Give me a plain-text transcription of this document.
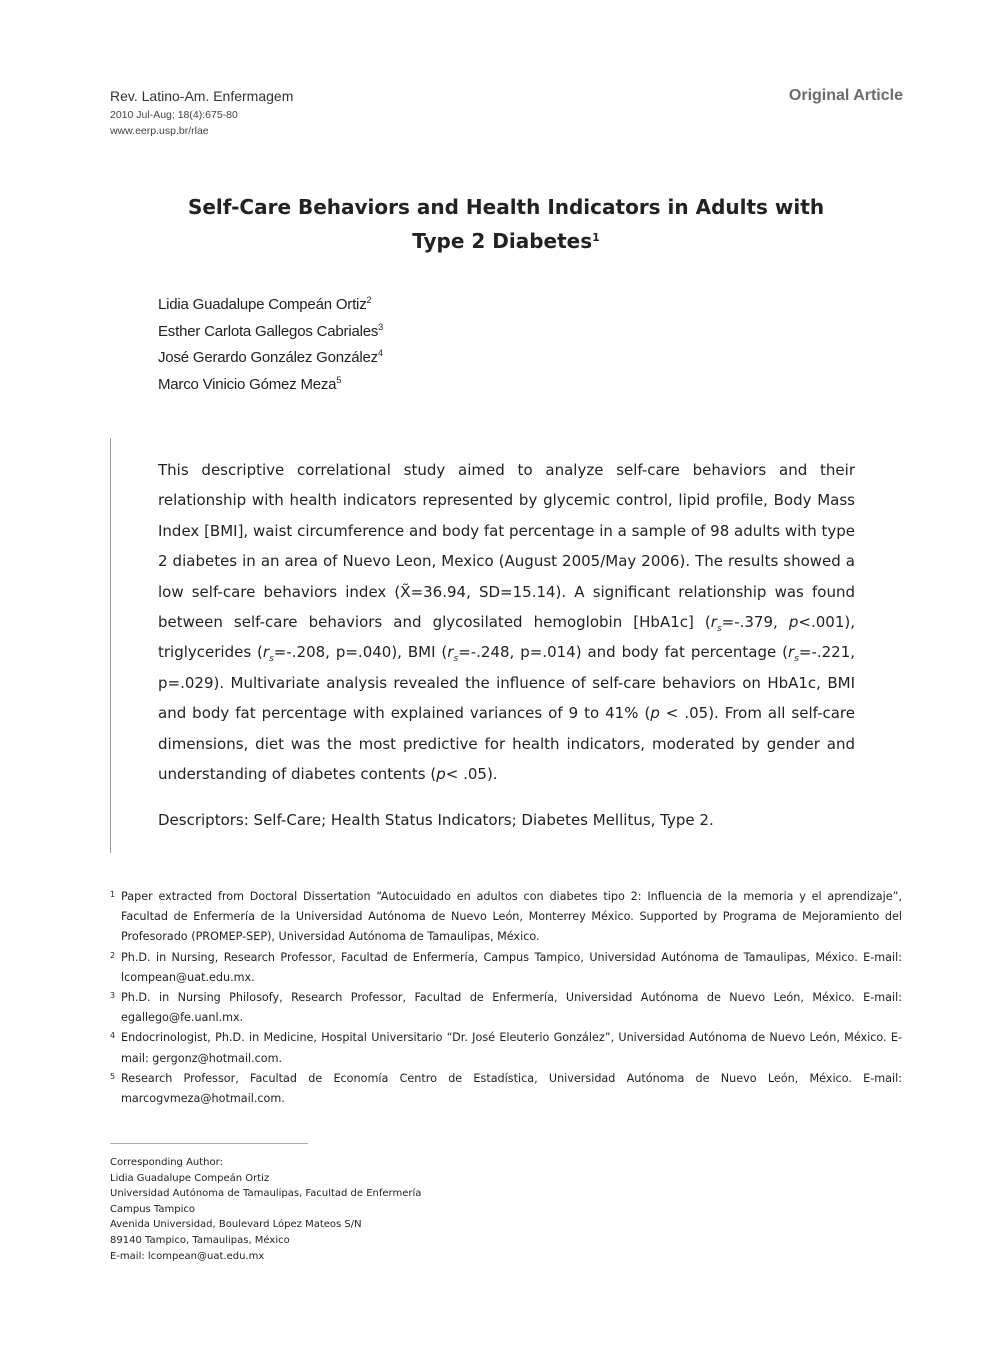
Rev. Latino-Am. Enfermagem
2010 Jul-Aug; 18(4):675-80
www.eerp.usp.br/rlae
Original Article
Self-Care Behaviors and Health Indicators in Adults with
Type 2 Diabetes$^1$
Lidia Guadalupe Compeán Ortiz$^2$
Esther Carlota Gallegos Cabriales$^3$
José Gerardo González González$^4$
Marco Vinicio Gómez Meza$^5$
This descriptive correlational study aimed to analyze self-care behaviors and their relationship with health indicators represented by glycemic control, lipid profile, Body Mass Index [BMI], waist circumference and body fat percentage in a sample of 98 adults with type 2 diabetes in an area of Nuevo Leon, Mexico (August 2005/May 2006). The results showed a low self-care behaviors index (X̃=36.94, SD=15.14). A significant relationship was found between self-care behaviors and glycosilated hemoglobin [HbA1c] ($r_s=-.379$, p<.001), triglycerides ($r_s=-.208$, p=.040), BMI ($r_s=-.248$, p=.014) and body fat percentage ($r_s=-.221$, p=.029). Multivariate analysis revealed the influence of self-care behaviors on HbA1c, BMI and body fat percentage with explained variances of 9 to 41% (p < .05). From all self-care dimensions, diet was the most predictive for health indicators, moderated by gender and understanding of diabetes contents (p< .05).
Descriptors: Self-Care; Health Status Indicators; Diabetes Mellitus, Type 2.
1 Paper extracted from Doctoral Dissertation “Autocuidado en adultos con diabetes tipo 2: Influencia de la memoria y el aprendizaje”, Facultad de Enfermería de la Universidad Autónoma de Nuevo León, Monterrey México. Supported by Programa de Mejoramiento del Profesorado (PROMEP-SEP), Universidad Autónoma de Tamaulipas, México.
2 Ph.D. in Nursing, Research Professor, Facultad de Enfermería, Campus Tampico, Universidad Autónoma de Tamaulipas, México. E-mail: lcompean@uat.edu.mx.
3 Ph.D. in Nursing Philosofy, Research Professor, Facultad de Enfermería, Universidad Autónoma de Nuevo León, México. E-mail: egallego@fe.uanl.mx.
4 Endocrinologist, Ph.D. in Medicine, Hospital Universitario “Dr. José Eleuterio González”, Universidad Autónoma de Nuevo León, México. E-mail: gergonz@hotmail.com.
5 Research Professor, Facultad de Economía Centro de Estadística, Universidad Autónoma de Nuevo León, México. E-mail: marcogvmeza@hotmail.com.
Corresponding Author:
Lidia Guadalupe Compeán Ortiz
Universidad Autónoma de Tamaulipas, Facultad de Enfermería
Campus Tampico
Avenida Universidad, Boulevard López Mateos S/N
89140 Tampico, Tamaulipas, México
E-mail: lcompean@uat.edu.mx
